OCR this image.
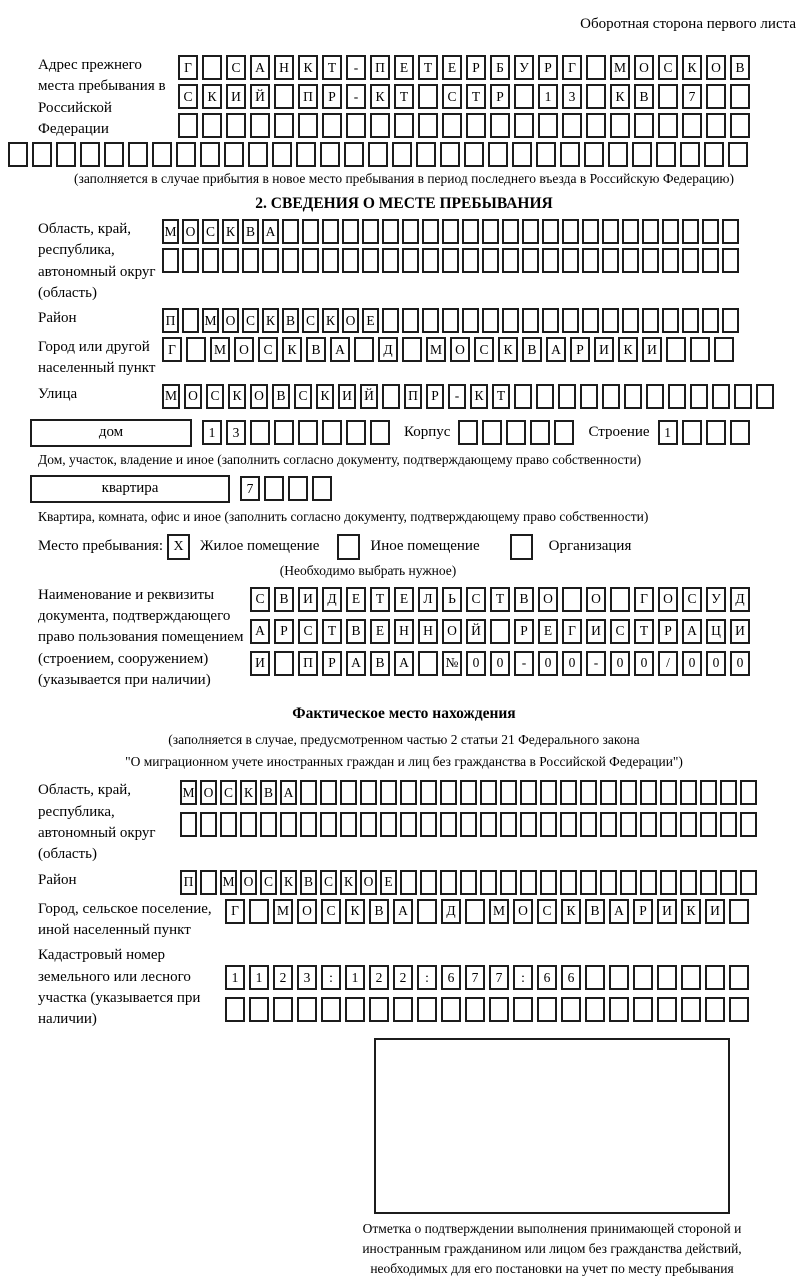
Оборотная сторона первого листа
Адрес прежнего места пребывания в Российской Федерации
Г	С	А	Н	К	Т	-	П	Е	Т	Е	Р	Б	У	Р	Г	М О	С	К	О	В
С	К	И	Й	П	Р	-	К	Т	С	Т	Р	1	3	К	В	7
(заполняется в случае прибытия в новое место пребывания в период последнего въезда в Российскую Федерацию)
2. СВЕДЕНИЯ О МЕСТЕ ПРЕБЫВАНИЯ
Область, край, республика, автономный округ (область)
М О С К В А
Район	П М О С К В С К О Е
Город или другой населенный пункт
Г	М О	С	К	В	А	Д	М О	С	К	В	А	Р	И	К	И
Улица	М О С К О В С К И Й	П Р	-	К Т
дом	1	3	Корпус	Строение	1
Дом, участок, владение и иное (заполнить согласно документу, подтверждающему право собственности)
квартира	7
Квартира, комната, офис и иное (заполнить согласно документу, подтверждающему право собственности)
Место пребывания: X	Жилое помещение	Иное помещение	Организация
(Необходимо выбрать нужное)
Наименование и реквизиты документа, подтверждающего право пользования помещением (строением, сооружением) (указывается при наличии)
С	В	И	Д	Е	Т	Е	Л	Ь	С	Т	В	О	О	Г	О	С	У	Д
А	Р	С	Т	В	Е	Н	Н	О	Й	Р	Е	Г	И	С	Т	Р	А	Ц	И
И	П	Р	А	В	А	№	0	0	-	0	0	-	0	0	/	0	0	0
Фактическое место нахождения
(заполняется в случае, предусмотренном частью 2 статьи 21 Федерального закона
"О миграционном учете иностранных граждан и лиц без гражданства в Российской Федерации")
Область, край, республика, автономный округ (область)
М О С К В А
Район	П М О С К В С К О Е
Город, сельское поселение, иной населенный пункт
Г	М О	С	К	В	А	Д	М О	С	К	В	А	Р	И	К	И
Кадастровый номер земельного или лесного участка (указывается при наличии)
1	1	2	3	:	1	2	2	:	6	7	7	:	6	6
Отметка о подтверждении выполнения принимающей стороной и иностранным гражданином или лицом без гражданства действий, необходимых для его постановки на учет по месту пребывания
